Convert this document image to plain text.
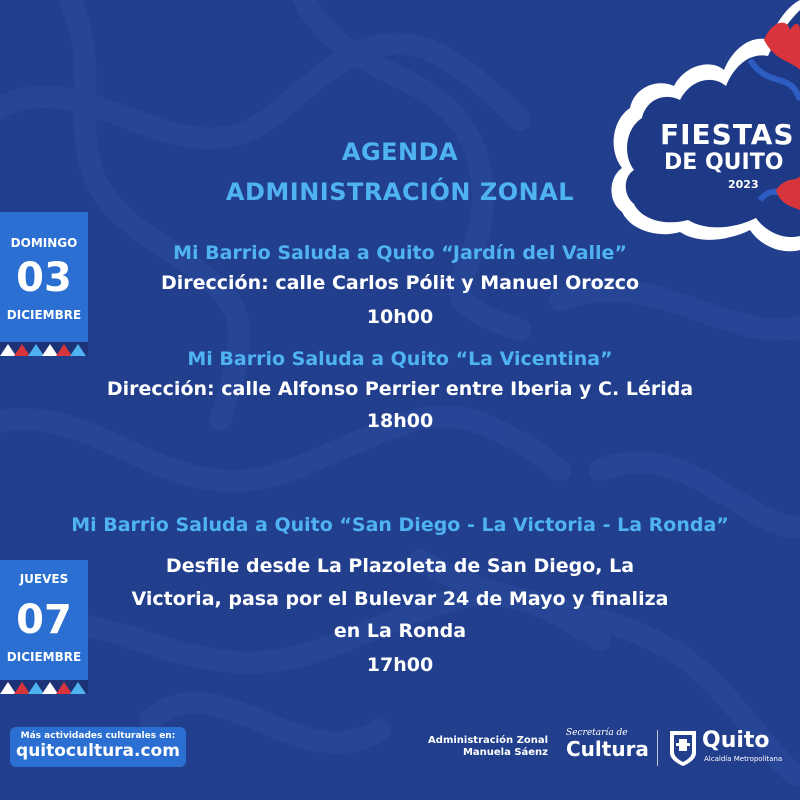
FIESTAS
DE QUITO
2023
AGENDA
ADMINISTRACIÓN ZONAL
DOMINGO
03
DICIEMBRE
JUEVES
07
DICIEMBRE
Mi Barrio Saluda a Quito “Jardín del Valle”
Dirección: calle Carlos Pólit y Manuel Orozco
10h00
Mi Barrio Saluda a Quito “La Vicentina”
Dirección: calle Alfonso Perrier entre Iberia y C. Lérida
18h00
Mi Barrio Saluda a Quito “San Diego - La Victoria - La Ronda”
Desfile desde La Plazoleta de San Diego, La
Victoria, pasa por el Bulevar 24 de Mayo y finaliza
en La Ronda
17h00
Más actividades culturales en:
quitocultura.com
Administración Zonal
Manuela Sáenz
Secretaría de
Cultura Quito
Alcaldía Metropolitana
